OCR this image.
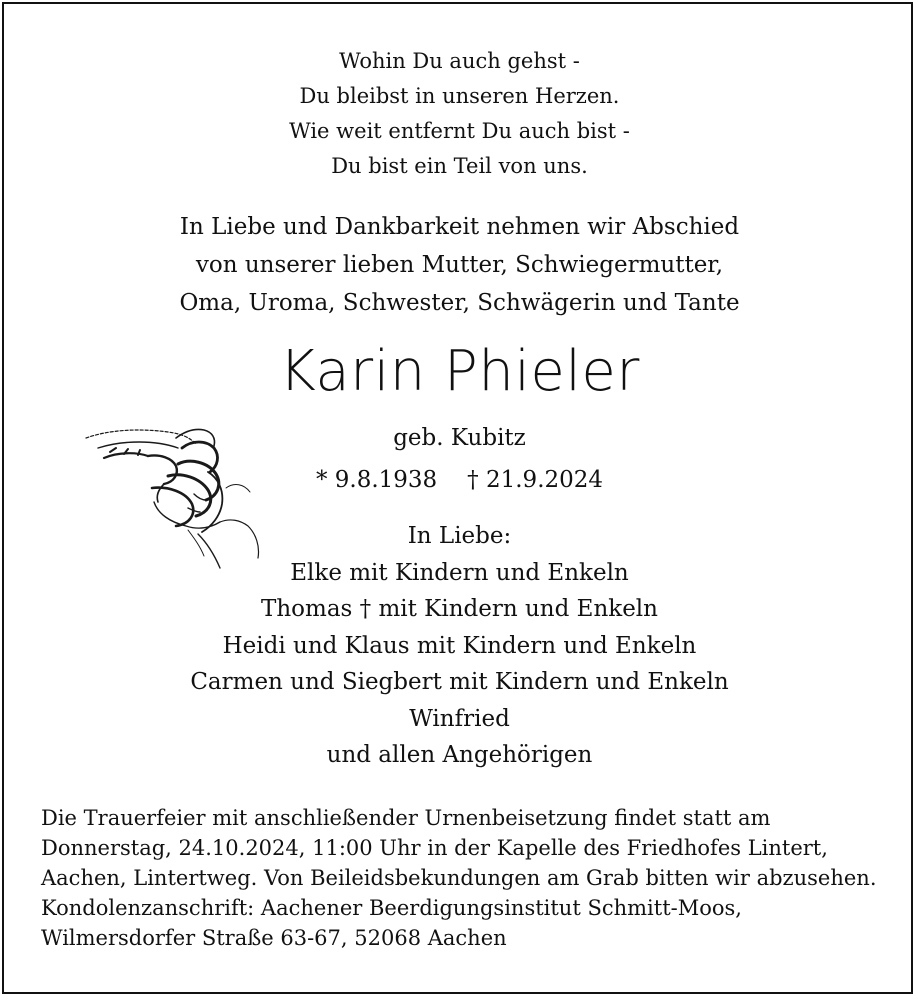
Wohin Du auch gehst -
Du bleibst in unseren Herzen.
Wie weit entfernt Du auch bist -
Du bist ein Teil von uns.
In Liebe und Dankbarkeit nehmen wir Abschied
von unserer lieben Mutter, Schwiegermutter,
Oma, Uroma, Schwester, Schwägerin und Tante
Karin Phieler
geb. Kubitz
* 9.8.1938 † 21.9.2024
In Liebe:
Elke mit Kindern und Enkeln
Thomas † mit Kindern und Enkeln
Heidi und Klaus mit Kindern und Enkeln
Carmen und Siegbert mit Kindern und Enkeln
Winfried
und allen Angehörigen
Die Trauerfeier mit anschließender Urnenbeisetzung findet statt am
Donnerstag, 24.10.2024, 11:00 Uhr in der Kapelle des Friedhofes Lintert,
Aachen, Lintertweg. Von Beileidsbekundungen am Grab bitten wir abzusehen.
Kondolenzanschrift: Aachener Beerdigungsinstitut Schmitt-Moos,
Wilmersdorfer Straße 63-67, 52068 Aachen
